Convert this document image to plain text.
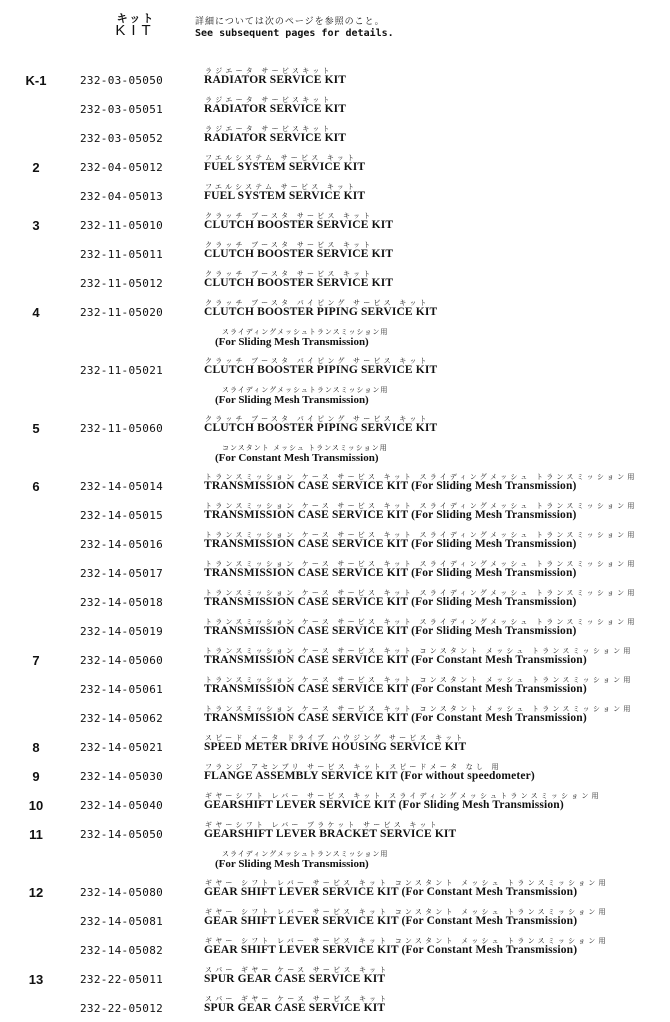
キット
KIT	詳細については次のページを参照のこと。
See subsequent pages for details.
K-1	232-03-05050
ラジエータ サービスキット
RADIATOR SERVICE KIT
232-03-05051
ラジエータ サービスキット
RADIATOR SERVICE KIT
232-03-05052
ラジエータ サービスキット
RADIATOR SERVICE KIT
2	232-04-05012
フエルシステム サービス キット
FUEL SYSTEM SERVICE KIT
232-04-05013
フエルシステム サービス キット
FUEL SYSTEM SERVICE KIT
3	232-11-05010
クラッチ ブースタ サービス キット
CLUTCH BOOSTER SERVICE KIT
232-11-05011
クラッチ ブースタ サービス キット
CLUTCH BOOSTER SERVICE KIT
232-11-05012
クラッチ ブースタ サービス キット
CLUTCH BOOSTER SERVICE KIT
4	232-11-05020
クラッチ ブースタ パイピング サービス キット
CLUTCH BOOSTER PIPING SERVICE KIT
スライディングメッシュトランスミッション用
(For Sliding Mesh Transmission)
232-11-05021
クラッチ ブースタ パイピング サービス キット
CLUTCH BOOSTER PIPING SERVICE KIT
スライディングメッシュトランスミッション用
(For Sliding Mesh Transmission)
5	232-11-05060
クラッチ ブースタ パイピング サービス キット
CLUTCH BOOSTER PIPING SERVICE KIT
コンスタント メッシュ トランスミッション用
(For Constant Mesh Transmission)
6	232-14-05014
トランスミッション ケース サービス キット スライディングメッシュ トランスミッション用
TRANSMISSION CASE SERVICE KIT (For Sliding Mesh Transmission)
232-14-05015
トランスミッション ケース サービス キット スライディングメッシュ トランスミッション用
TRANSMISSION CASE SERVICE KIT (For Sliding Mesh Transmission)
232-14-05016
トランスミッション ケース サービス キット スライディングメッシュ トランスミッション用
TRANSMISSION CASE SERVICE KIT (For Sliding Mesh Transmission)
232-14-05017
トランスミッション ケース サービス キット スライディングメッシュ トランスミッション用
TRANSMISSION CASE SERVICE KIT (For Sliding Mesh Transmission)
232-14-05018
トランスミッション ケース サービス キット スライディングメッシュ トランスミッション用
TRANSMISSION CASE SERVICE KIT (For Sliding Mesh Transmission)
232-14-05019
トランスミッション ケース サービス キット スライディングメッシュ トランスミッション用
TRANSMISSION CASE SERVICE KIT (For Sliding Mesh Transmission)
7	232-14-05060
トランスミッション ケース サービス キット コンスタント メッシュ トランスミッション用
TRANSMISSION CASE SERVICE KIT (For Constant Mesh Transmission)
232-14-05061
トランスミッション ケース サービス キット コンスタント メッシュ トランスミッション用
TRANSMISSION CASE SERVICE KIT (For Constant Mesh Transmission)
232-14-05062
トランスミッション ケース サービス キット コンスタント メッシュ トランスミッション用
TRANSMISSION CASE SERVICE KIT (For Constant Mesh Transmission)
8	232-14-05021
スピード メータ ドライブ ハウジング サービス キット
SPEED METER DRIVE HOUSING SERVICE KIT
9	232-14-05030
フランジ アセンブリ サービス キット スピードメータ なし 用
FLANGE ASSEMBLY SERVICE KIT (For without speedometer)
10	232-14-05040
ギヤーシフト レバー サービス キット スライディングメッシュトランスミッション用
GEARSHIFT LEVER SERVICE KIT (For Sliding Mesh Transmission)
11	232-14-05050
ギヤーシフト レバー ブラケット サービス キット
GEARSHIFT LEVER BRACKET SERVICE KIT
スライディングメッシュトランスミッション用
(For Sliding Mesh Transmission)
12	232-14-05080
ギヤー シフト レバー サービス キット コンスタント メッシュ トランスミッション用
GEAR SHIFT LEVER SERVICE KIT (For Constant Mesh Transmission)
232-14-05081
ギヤー シフト レバー サービス キット コンスタント メッシュ トランスミッション用
GEAR SHIFT LEVER SERVICE KIT (For Constant Mesh Transmission)
232-14-05082
ギヤー シフト レバー サービス キット コンスタント メッシュ トランスミッション用
GEAR SHIFT LEVER SERVICE KIT (For Constant Mesh Transmission)
13	232-22-05011
スパー ギヤー ケース サービス キット
SPUR GEAR CASE SERVICE KIT
232-22-05012
スパー ギヤー ケース サービス キット
SPUR GEAR CASE SERVICE KIT
